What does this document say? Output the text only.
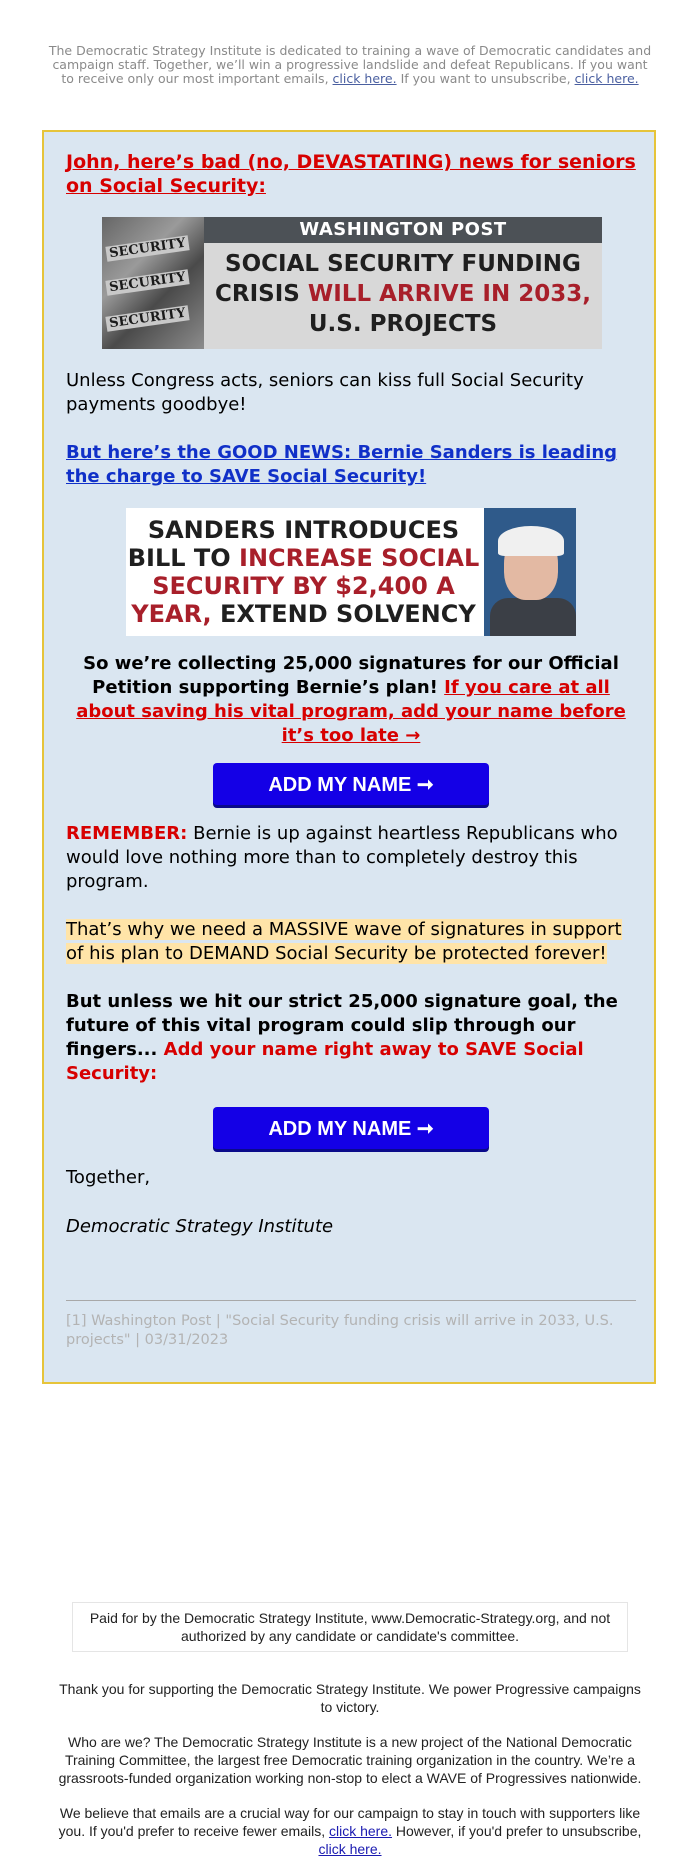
The Democratic Strategy Institute is dedicated to training a wave of Democratic candidates and campaign staff. Together, we’ll win a progressive landslide and defeat Republicans. If you want to receive only our most important emails, click here. If you want to unsubscribe, click here.
John, here’s bad (no, DEVASTATING) news for seniors on Social Security:
SECURITY
SECURITY
SECURITY
WASHINGTON POST
SOCIAL SECURITY FUNDING
CRISIS WILL ARRIVE IN 2033,
U.S. PROJECTS
Unless Congress acts, seniors can kiss full Social Security payments goodbye!
But here’s the GOOD NEWS: Bernie Sanders is leading the charge to SAVE Social Security!
SANDERS INTRODUCES
BILL TO INCREASE SOCIAL
SECURITY BY $2,400 A
YEAR, EXTEND SOLVENCY
So we’re collecting 25,000 signatures for our Official Petition supporting Bernie’s plan! If you care at all about saving his vital program, add your name before it’s too late →
ADD MY NAME ➞
REMEMBER: Bernie is up against heartless Republicans who would love nothing more than to completely destroy this program.
That’s why we need a MASSIVE wave of signatures in support of his plan to DEMAND Social Security be protected forever!
But unless we hit our strict 25,000 signature goal, the future of this vital program could slip through our fingers... Add your name right away to SAVE Social Security:
ADD MY NAME ➞
Together,
Democratic Strategy Institute
[1] Washington Post | "Social Security funding crisis will arrive in 2033, U.S. projects" | 03/31/2023
Paid for by the Democratic Strategy Institute, www.Democratic-Strategy.org, and not authorized by any candidate or candidate's committee.
Thank you for supporting the Democratic Strategy Institute. We power Progressive campaigns to victory.
Who are we? The Democratic Strategy Institute is a new project of the National Democratic Training Committee, the largest free Democratic training organization in the country. We’re a grassroots-funded organization working non-stop to elect a WAVE of Progressives nationwide.
We believe that emails are a crucial way for our campaign to stay in touch with supporters like you. If you'd prefer to receive fewer emails, click here. However, if you'd prefer to unsubscribe, click here.
